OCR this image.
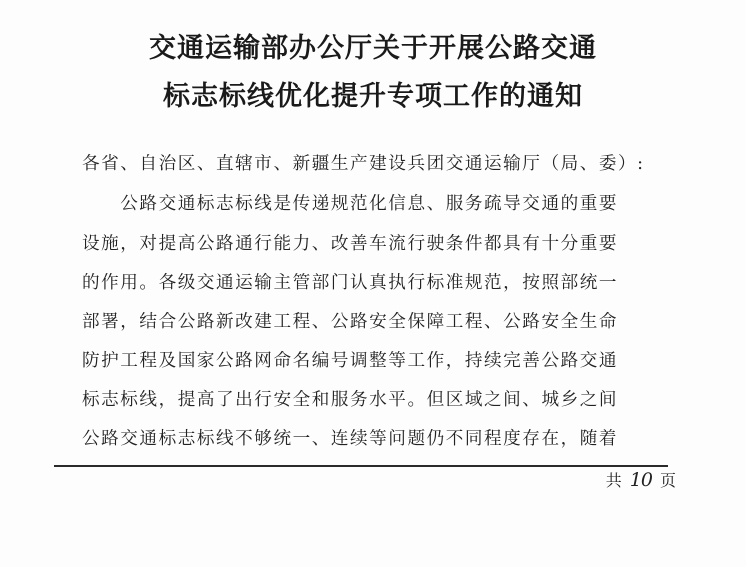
交通运输部办公厅关于开展公路交通
标志标线优化提升专项工作的通知
各省、自治区、直辖市、新疆生产建设兵团交通运输厅（局、委）:
　　公路交通标志标线是传递规范化信息、服务疏导交通的重要
设施，对提高公路通行能力、改善车流行驶条件都具有十分重要
的作用。各级交通运输主管部门认真执行标准规范，按照部统一
部署，结合公路新改建工程、公路安全保障工程、公路安全生命
防护工程及国家公路网命名编号调整等工作，持续完善公路交通
标志标线，提高了出行安全和服务水平。但区域之间、城乡之间
公路交通标志标线不够统一、连续等问题仍不同程度存在，随着
共 10 页
